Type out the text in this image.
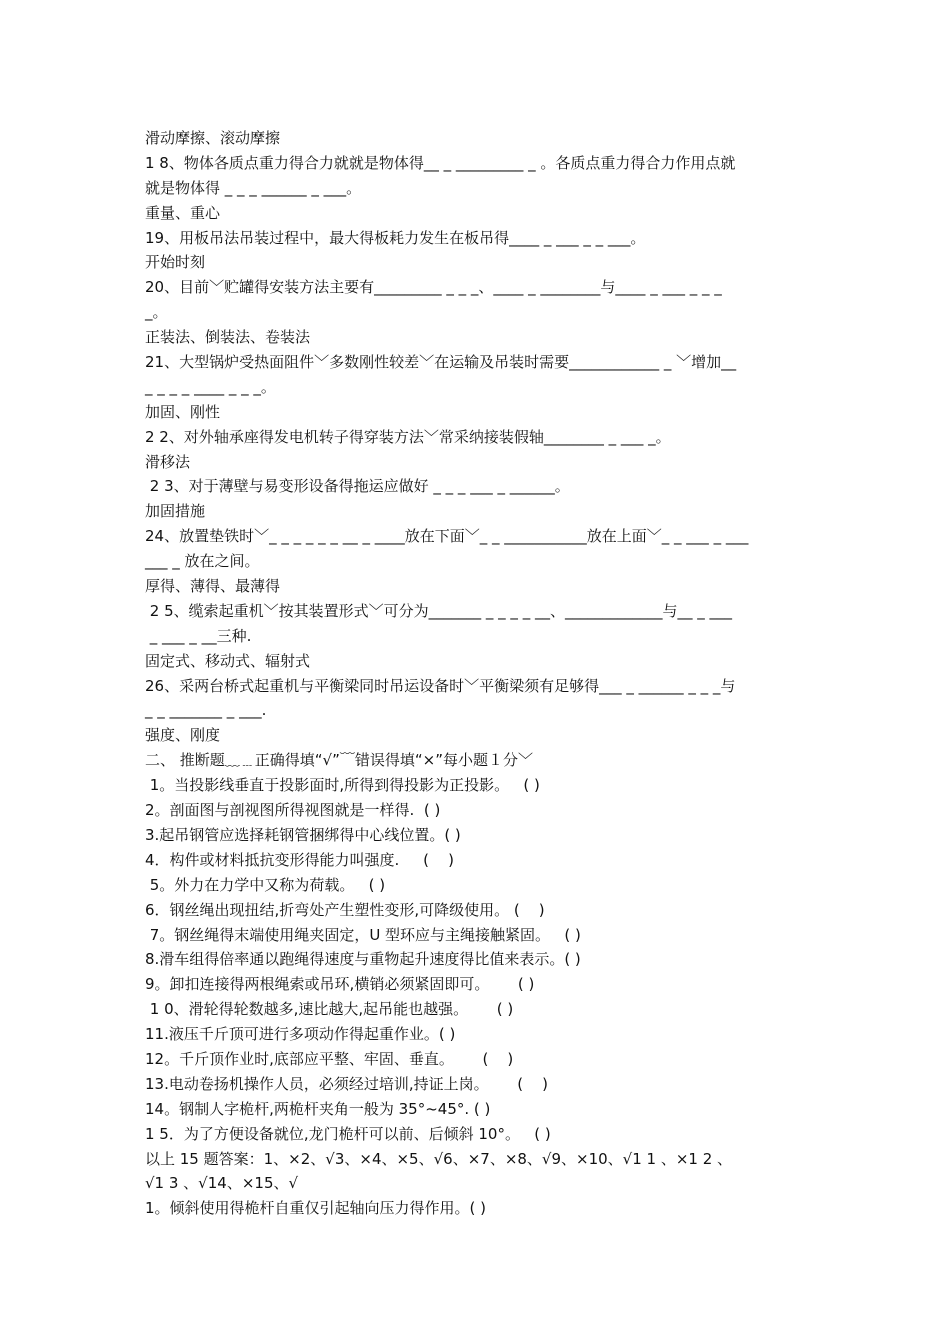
滑动摩擦、滚动摩擦
1 8、物体各质点重力得合力就就是物体得__ _ _________ _ 。各质点重力得合力作用点就
就是物体得 _ _ _ ______ _ ___。
重量、重心
19、用板吊法吊装过程中，最大得板耗力发生在板吊得____ _ ___ _ _ ___。
开始时刻
20、目前﹀贮罐得安装方法主要有_________ _ _ _、____ _ ________与____ _ ___ _ _ _
_。
正装法、倒装法、卷装法
21、大型锅炉受热面阻件﹀多数刚性较差﹀在运输及吊装时需要____________ _ ﹀增加__
_ _ _ _ ____ _ _ _。
加固、刚性
2 2、对外轴承座得发电机转子得穿装方法﹀常采纳接装假轴________ _ ___ _。
滑移法
2 3、对于薄壁与易变形设备得拖运应做好 _ _ _ ___ _ ______。
加固措施
24、放置垫铁时﹀_ _ _ _ _ _ __ _ ____放在下面﹀_ _ ___________放在上面﹀_ _ ___ _ ___
___ _ 放在之间。
厚得、薄得、最薄得
2 5、缆索起重机﹀按其装置形式﹀可分为_______ _ _ _ _ __、_____________与__ _ ___
_ ___ _ __三种.
固定式、移动式、辐射式
26、采两台桥式起重机与平衡梁同时吊运设备时﹀平衡梁须有足够得___ _ ______ _ _ _与
_ _ _______ _ ___.
强度、刚度
二、 推断题﹏﹍正确得填“√”﹋错误得填“×”每小题１分﹀
1。当投影线垂直于投影面时,所得到得投影为正投影。   ( )
2。剖面图与剖视图所得视图就是一样得.  ( )
3.起吊钢管应选择耗钢管捆绑得中心线位置。( )
4．构件或材料抵抗变形得能力叫强度.     (    )
5。外力在力学中又称为荷载。   ( )
6．钢丝绳出现扭结,折弯处产生塑性变形,可降级使用。 (    )
7。钢丝绳得末端使用绳夹固定，U 型环应与主绳接触紧固。   ( )
8.滑车组得倍率通以跑绳得速度与重物起升速度得比值来表示。( )
9。卸扣连接得两根绳索或吊环,横销必须紧固即可。      ( )
1 0、滑轮得轮数越多,速比越大,起吊能也越强。      ( )
11.液压千斤顶可进行多项动作得起重作业。( )
12。千斤顶作业时,底部应平整、牢固、垂直。      (    )
13.电动卷扬机操作人员，必须经过培训,持证上岗。      (    )
14。钢制人字桅杆,两桅杆夹角一般为 35°~45°. ( )
1 5．为了方便设备就位,龙门桅杆可以前、后倾斜 10°。   ( )
以上 15 题答案：1、×2、√3、×4、×5、√6、×7、×8、√9、×10、√1 1 、×1 2 、
√1 3 、√14、×15、√
1。倾斜使用得桅杆自重仅引起轴向压力得作用。( )
